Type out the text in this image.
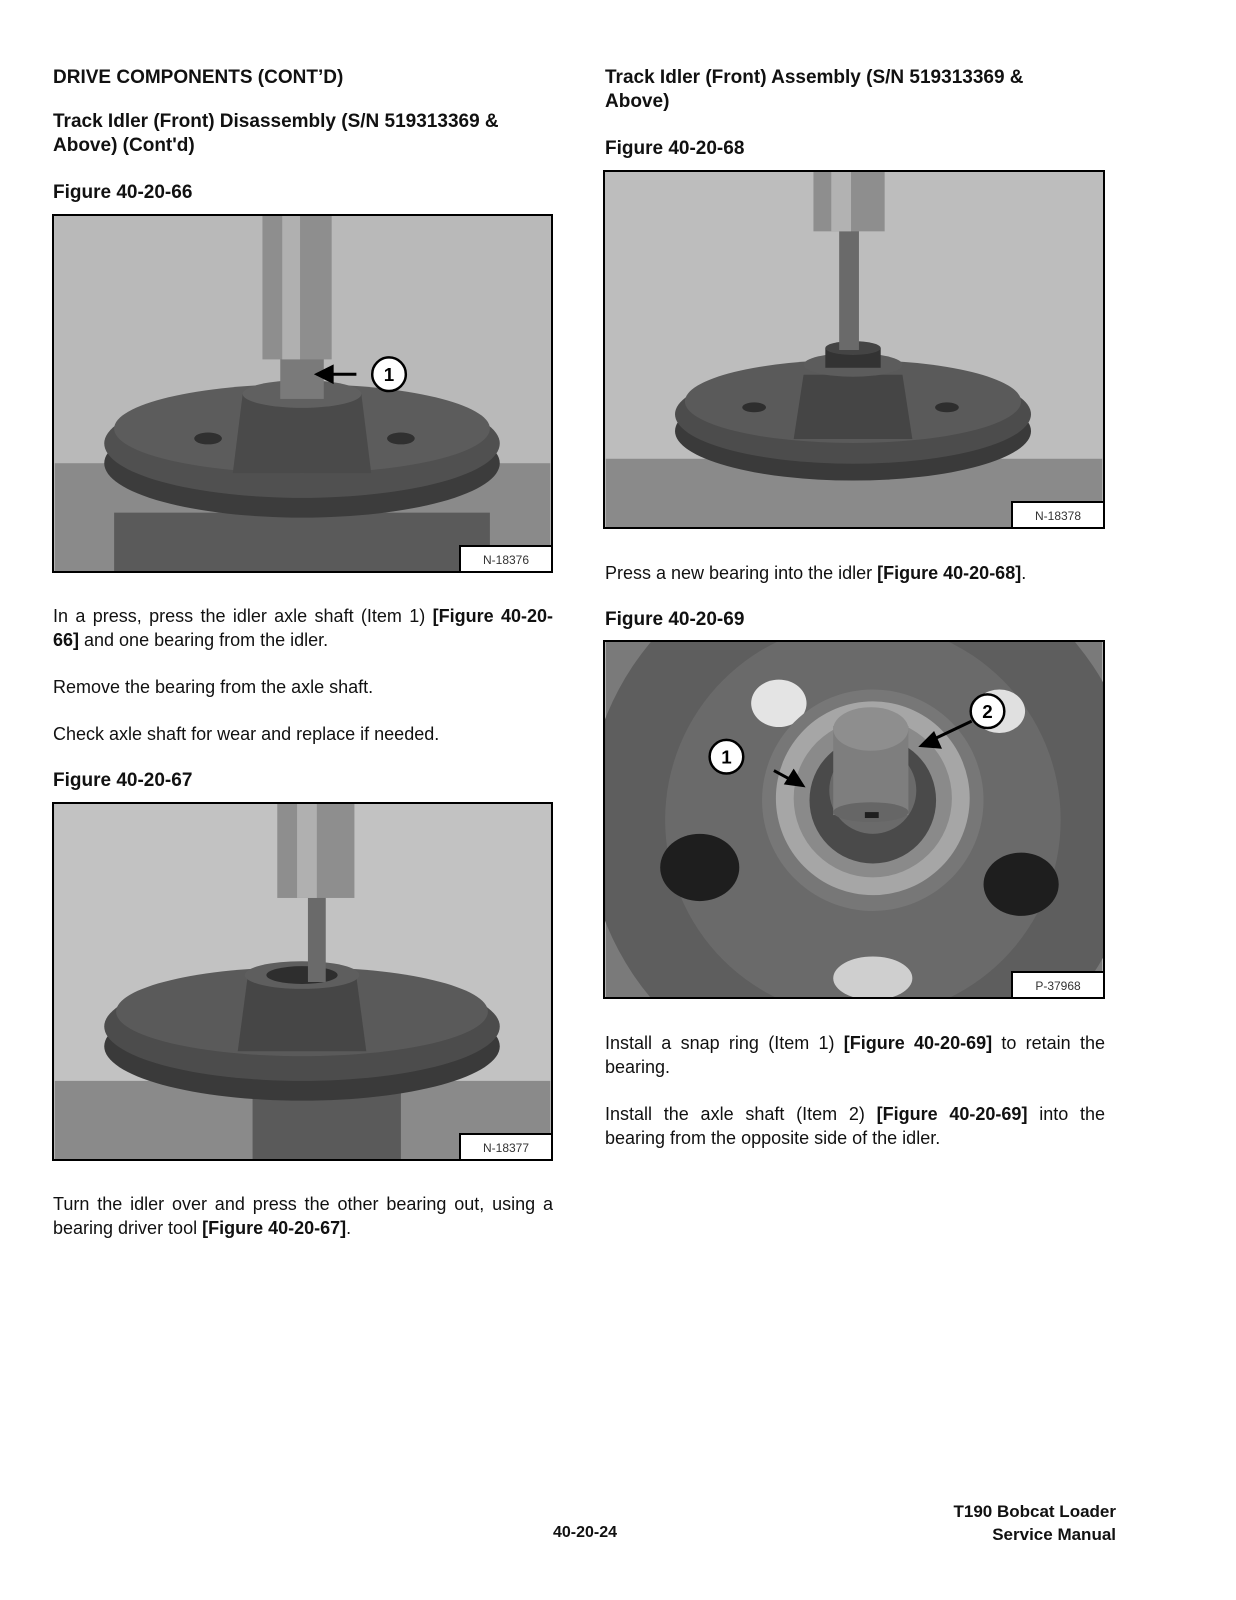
DRIVE COMPONENTS (CONT’D)
Track Idler (Front) Disassembly (S/N 519313369 &
Above) (Cont'd)
Figure 40-20-66
1
N-18376
In a press, press the idler axle shaft (Item 1) [Figure 40-20-66] and one bearing from the idler.
Remove the bearing from the axle shaft.
Check axle shaft for wear and replace if needed.
Figure 40-20-67
N-18377
Turn the idler over and press the other bearing out, using a bearing driver tool [Figure 40-20-67].
Track Idler (Front) Assembly (S/N 519313369 &
Above)
Figure 40-20-68
N-18378
Press a new bearing into the idler [Figure 40-20-68].
Figure 40-20-69
1
2
P-37968
Install a snap ring (Item 1) [Figure 40-20-69] to retain the bearing.
Install the axle shaft (Item 2) [Figure 40-20-69] into the bearing from the opposite side of the idler.
40-20-24
T190 Bobcat Loader
Service Manual
